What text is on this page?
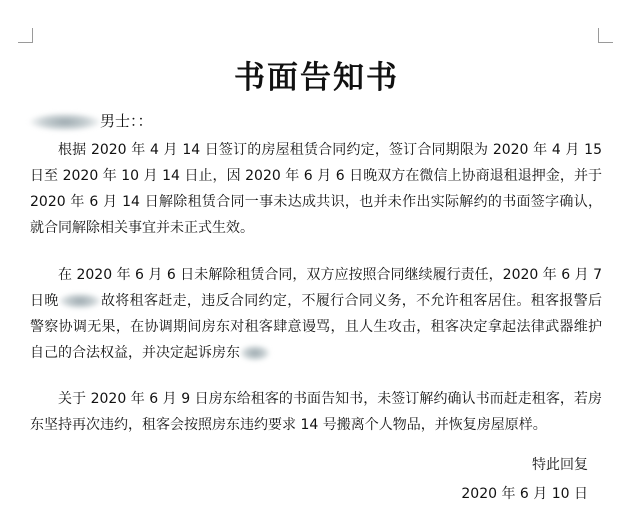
书面告知书
男士：：
根据 2020 年 4 月 14 日签订的房屋租赁合同约定，签订合同期限为 2020 年 4 月 15 日至 2020 年 10 月 14 日止，因 2020 年 6 月 6 日晚双方在微信上协商退租退押金，并于 2020 年 6 月 14 日解除租赁合同一事未达成共识，也并未作出实际解约的书面签字确认，就合同解除相关事宜并未正式生效。
在 2020 年 6 月 6 日未解除租赁合同，双方应按照合同继续履行责任，2020 年 6 月 7 日晚	故将租客赶走，违反合同约定，不履行合同义务，不允许租客居住。租客报警后警察协调无果，在协调期间房东对租客肆意谩骂，且人生攻击，租客决定拿起法律武器维护自己的合法权益，并决定起诉房东
关于 2020 年 6 月 9 日房东给租客的书面告知书，未签订解约确认书而赶走租客，若房东坚持再次违约，租客会按照房东违约要求 14 号搬离个人物品，并恢复房屋原样。
特此回复
2020 年 6 月 10 日
